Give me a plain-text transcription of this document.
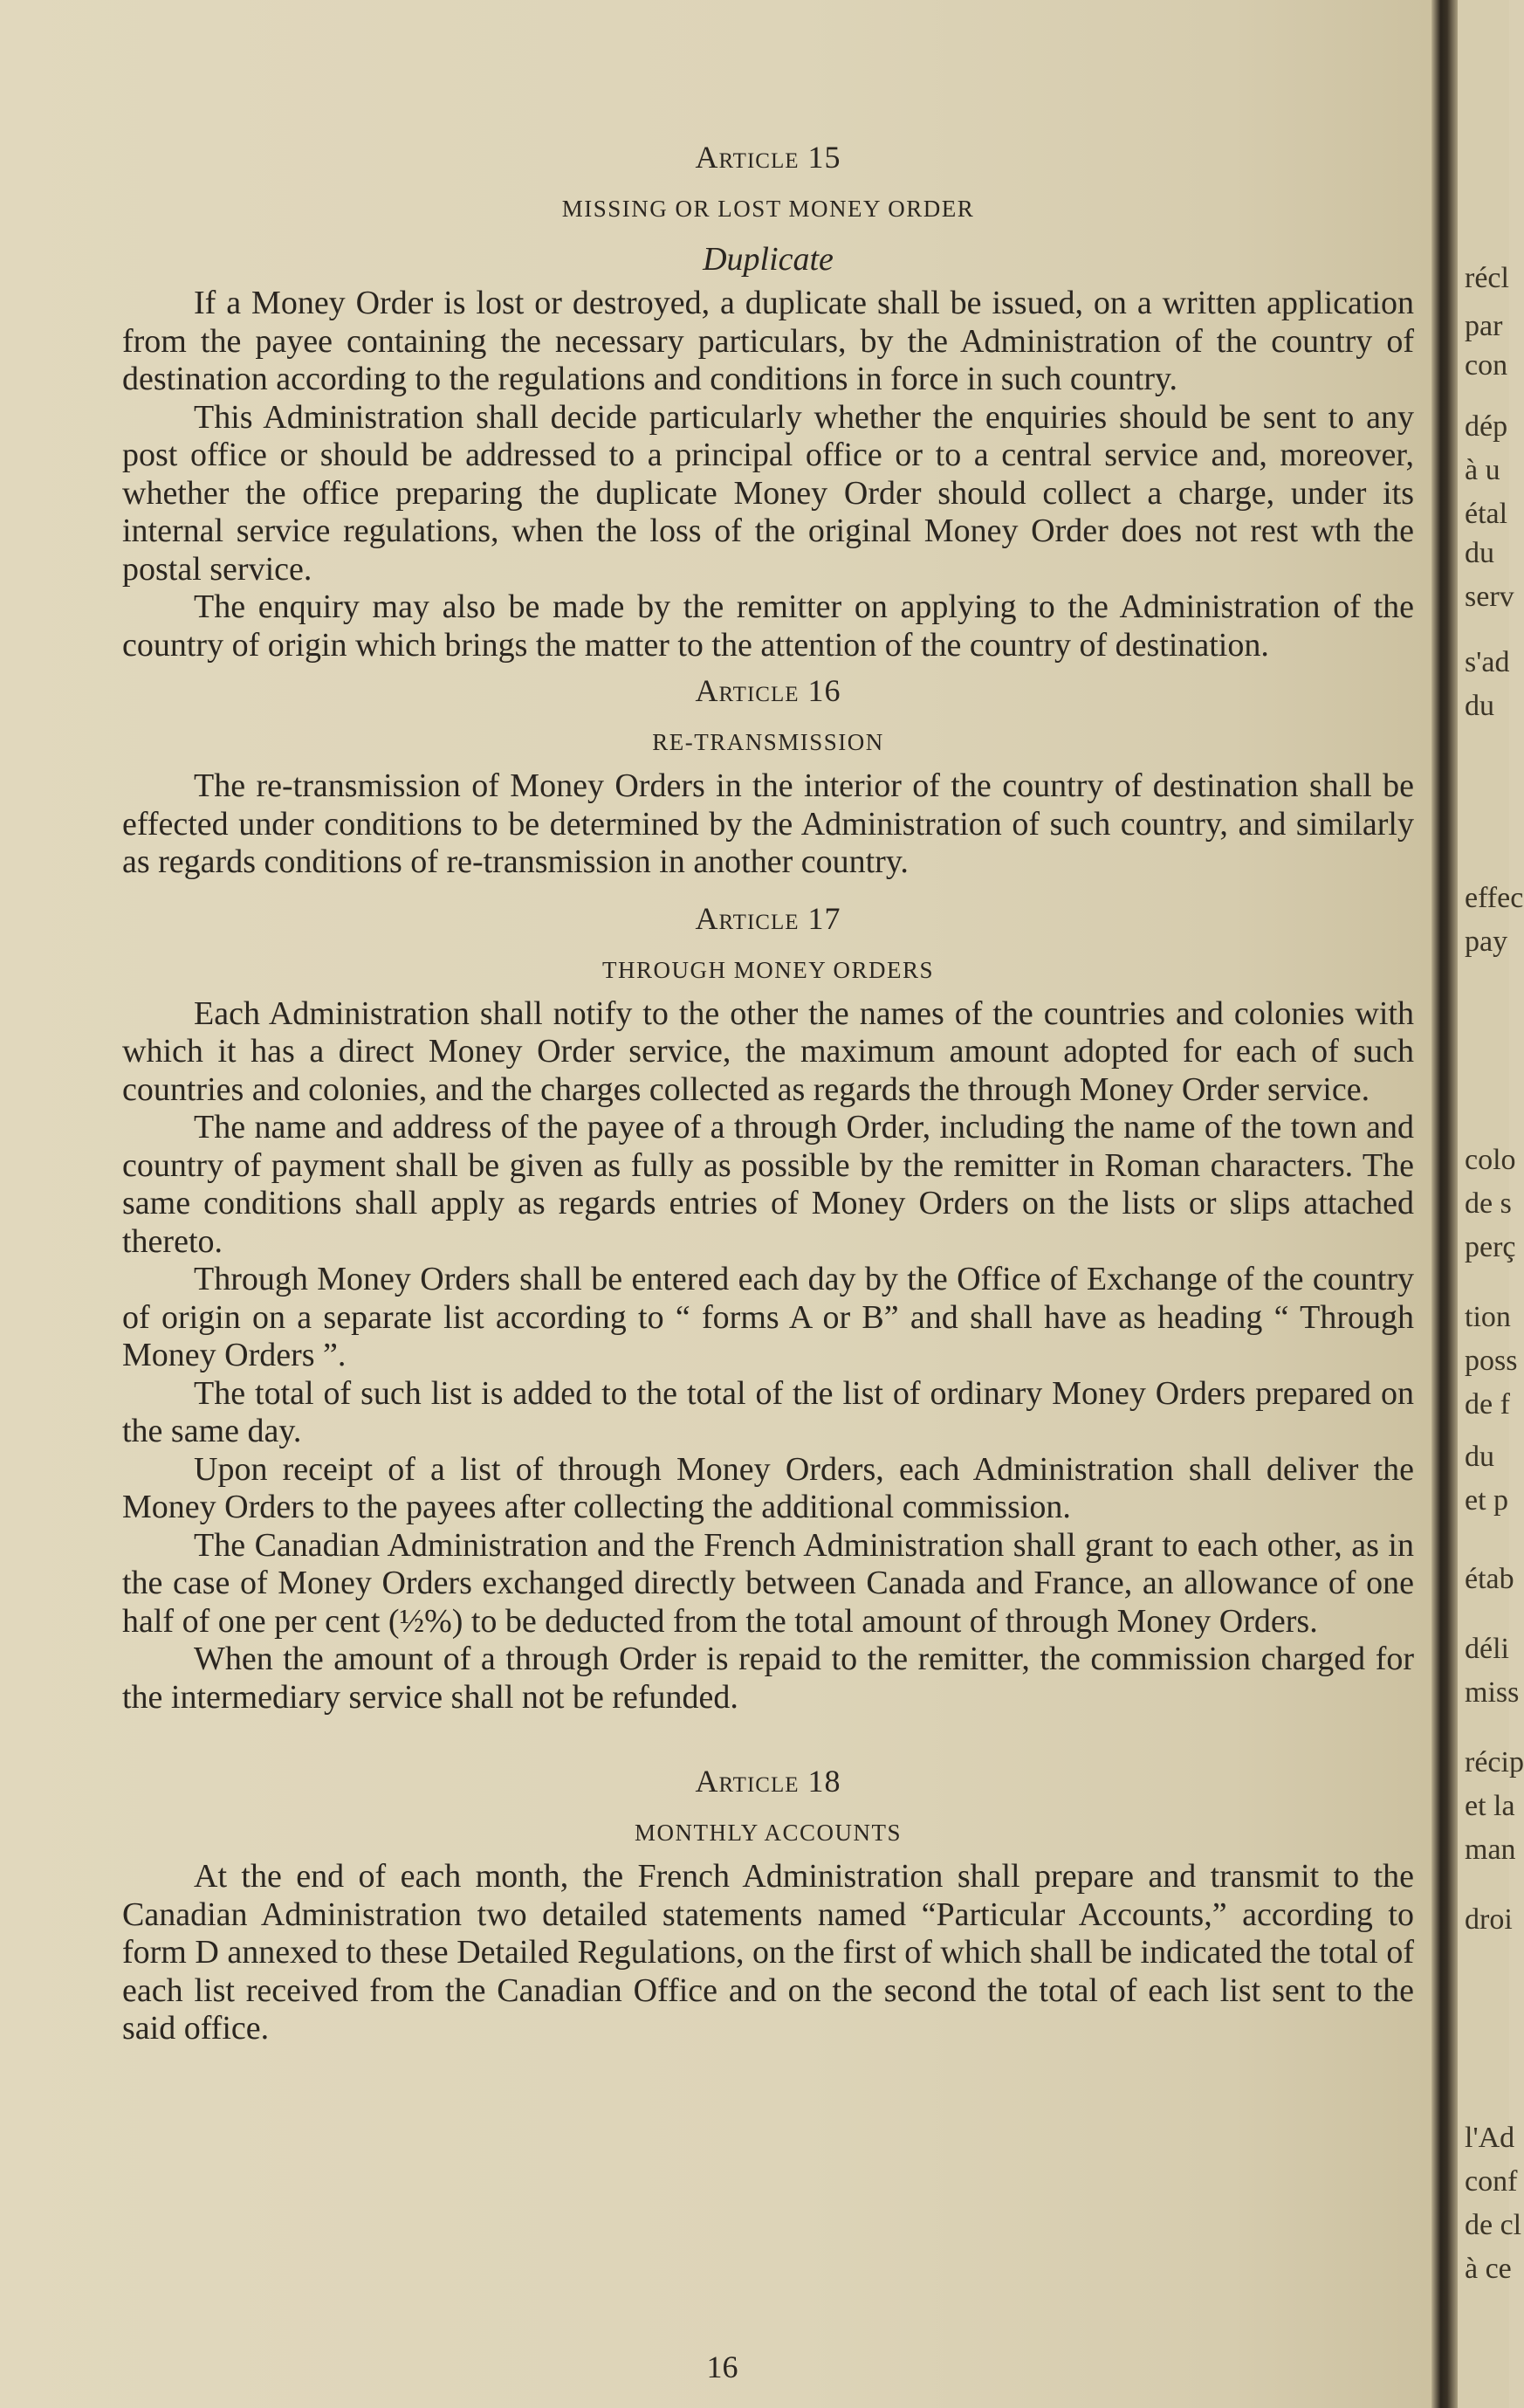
Article 15
MISSING OR LOST MONEY ORDER
Duplicate

If a Money Order is lost or destroyed, a duplicate shall be issued, on a written application from the payee containing the necessary particulars, by the Administration of the country of destination according to the regulations and conditions in force in such country.

This Administration shall decide particularly whether the enquiries should be sent to any post office or should be addressed to a principal office or to a central service and, moreover, whether the office preparing the duplicate Money Order should collect a charge, under its internal service regulations, when the loss of the original Money Order does not rest wth the postal service.

The enquiry may also be made by the remitter on applying to the Administration of the country of origin which brings the matter to the attention of the country of destination.

Article 16
RE-TRANSMISSION

The re-transmission of Money Orders in the interior of the country of destination shall be effected under conditions to be determined by the Administration of such country, and similarly as regards conditions of re-transmission in another country.

Article 17
THROUGH MONEY ORDERS

Each Administration shall notify to the other the names of the countries and colonies with which it has a direct Money Order service, the maximum amount adopted for each of such countries and colonies, and the charges collected as regards the through Money Order service.

The name and address of the payee of a through Order, including the name of the town and country of payment shall be given as fully as possible by the remitter in Roman characters. The same conditions shall apply as regards entries of Money Orders on the lists or slips attached thereto.

Through Money Orders shall be entered each day by the Office of Exchange of the country of origin on a separate list according to “ forms A or B” and shall have as heading “ Through Money Orders ”.

The total of such list is added to the total of the list of ordinary Money Orders prepared on the same day.

Upon receipt of a list of through Money Orders, each Administration shall deliver the Money Orders to the payees after collecting the additional commission.

The Canadian Administration and the French Administration shall grant to each other, as in the case of Money Orders exchanged directly between Canada and France, an allowance of one half of one per cent (½%) to be deducted from the total amount of through Money Orders.

When the amount of a through Order is repaid to the remitter, the commission charged for the intermediary service shall not be refunded.

Article 18
MONTHLY ACCOUNTS

At the end of each month, the French Administration shall prepare and transmit to the Canadian Administration two detailed statements named “Particular Accounts,” according to form D annexed to these Detailed Regulations, on the first of which shall be indicated the total of each list received from the Canadian Office and on the second the total of each list sent to the said office.

16
récl
par
con
dép
à u
étal
du
serv
s'ad
du
effec
pay
colo
de s
perç
tion
poss
de f
du
et p
étab
déli
miss
récip
et la
man
droi
l'Ad
conf
de cl
à ce
